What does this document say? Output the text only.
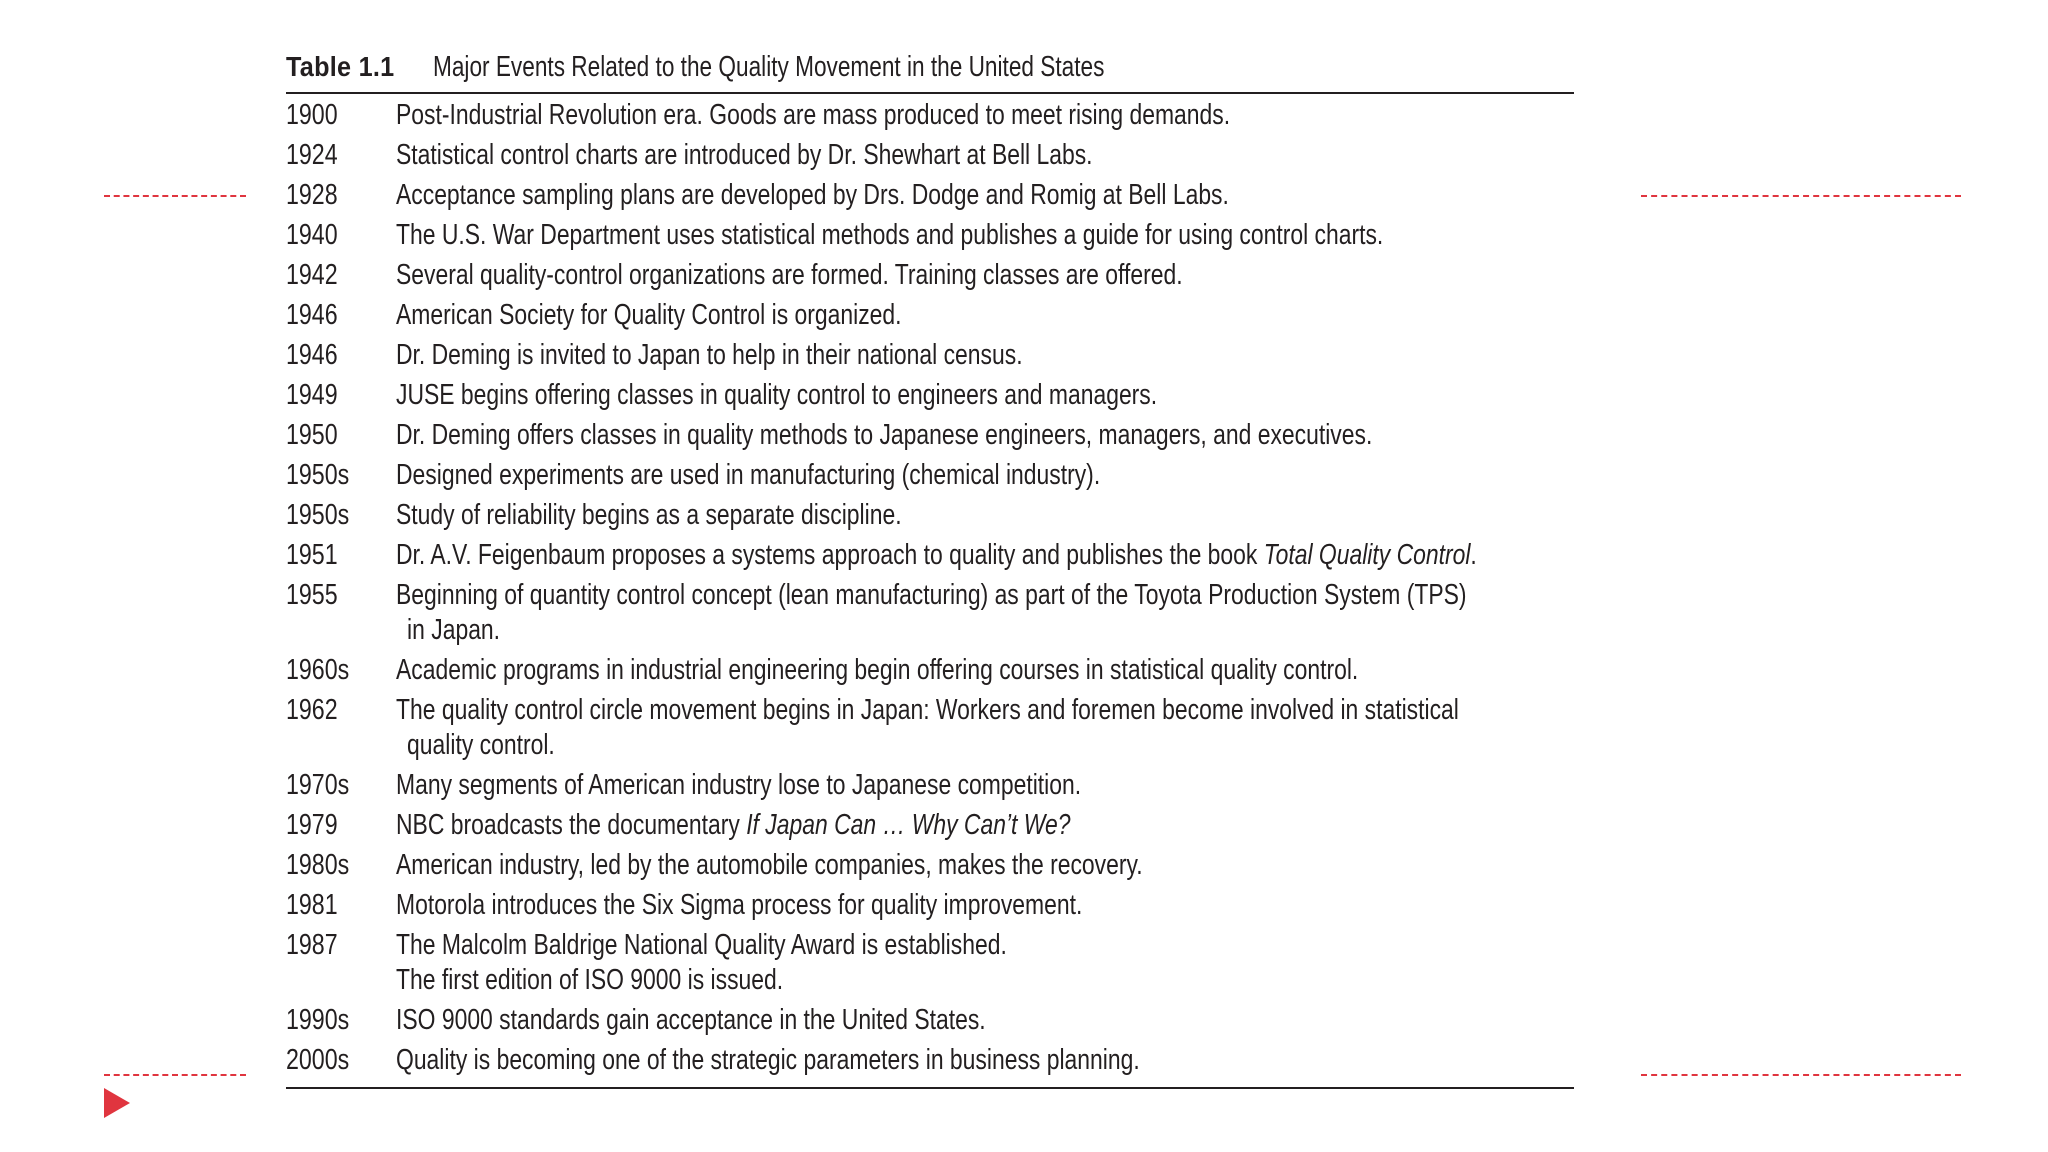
Table 1.1	Major Events Related to the Quality Movement in the United States
1900	Post-Industrial Revolution era. Goods are mass produced to meet rising demands.
1924	Statistical control charts are introduced by Dr. Shewhart at Bell Labs.
1928	Acceptance sampling plans are developed by Drs. Dodge and Romig at Bell Labs.
1940	The U.S. War Department uses statistical methods and publishes a guide for using control charts.
1942	Several quality-control organizations are formed. Training classes are offered.
1946	American Society for Quality Control is organized.
1946	Dr. Deming is invited to Japan to help in their national census.
1949	JUSE begins offering classes in quality control to engineers and managers.
1950	Dr. Deming offers classes in quality methods to Japanese engineers, managers, and executives.
1950s	Designed experiments are used in manufacturing (chemical industry).
1950s	Study of reliability begins as a separate discipline.
1951	Dr. A.V. Feigenbaum proposes a systems approach to quality and publishes the book Total Quality Control.
1955	Beginning of quantity control concept (lean manufacturing) as part of the Toyota Production System (TPS)
in Japan.
1960s	Academic programs in industrial engineering begin offering courses in statistical quality control.
1962	The quality control circle movement begins in Japan: Workers and foremen become involved in statistical
quality control.
1970s	Many segments of American industry lose to Japanese competition.
1979	NBC broadcasts the documentary If Japan Can … Why Can’t We?
1980s	American industry, led by the automobile companies, makes the recovery.
1981	Motorola introduces the Six Sigma process for quality improvement.
1987	The Malcolm Baldrige National Quality Award is established.
The first edition of ISO 9000 is issued.
1990s	ISO 9000 standards gain acceptance in the United States.
2000s	Quality is becoming one of the strategic parameters in business planning.
